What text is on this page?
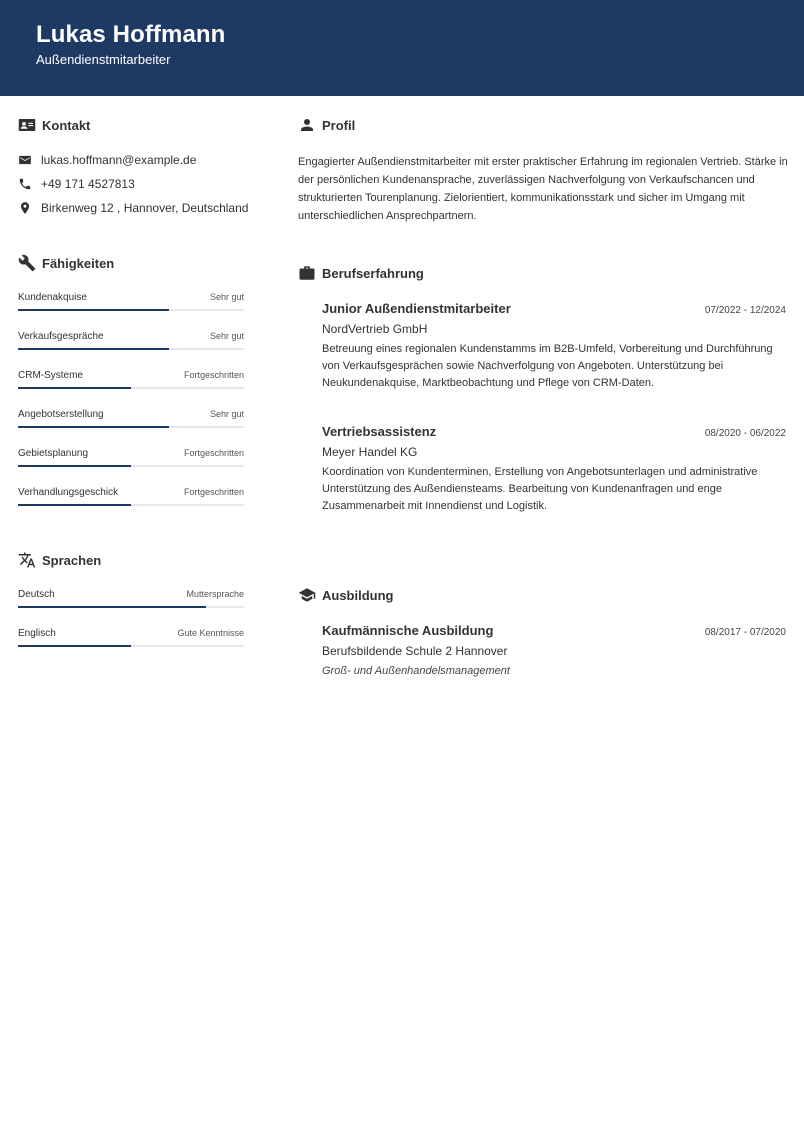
Lukas Hoffmann
Außendienstmitarbeiter
Kontakt
lukas.hoffmann@example.de
+49 171 4527813
Birkenweg 12 , Hannover, Deutschland
Fähigkeiten
Kundenakquise	Sehr gut
Verkaufsgespräche	Sehr gut
CRM-Systeme	Fortgeschritten
Angebotserstellung	Sehr gut
Gebietsplanung	Fortgeschritten
Verhandlungsgeschick	Fortgeschritten
Sprachen
Deutsch	Muttersprache
Englisch	Gute Kenntnisse
Profil
Engagierter Außendienstmitarbeiter mit erster praktischer Erfahrung im regionalen Vertrieb. Stärke in der persönlichen Kundenansprache, zuverlässigen Nachverfolgung von Verkaufschancen und strukturierten Tourenplanung. Zielorientiert, kommunikationsstark und sicher im Umgang mit unterschiedlichen Ansprechpartnern.
Berufserfahrung
Junior Außendienstmitarbeiter	07/2022 - 12/2024
NordVertrieb GmbH
Betreuung eines regionalen Kundenstamms im B2B-Umfeld, Vorbereitung und Durchführung von Verkaufsgesprächen sowie Nachverfolgung von Angeboten. Unterstützung bei Neukundenakquise, Marktbeobachtung und Pflege von CRM-Daten.
Vertriebsassistenz	08/2020 - 06/2022
Meyer Handel KG
Koordination von Kundenterminen, Erstellung von Angebotsunterlagen und administrative Unterstützung des Außendiensteams. Bearbeitung von Kundenanfragen und enge Zusammenarbeit mit Innendienst und Logistik.
Ausbildung
Kaufmännische Ausbildung	08/2017 - 07/2020
Berufsbildende Schule 2 Hannover
Groß- und Außenhandelsmanagement
